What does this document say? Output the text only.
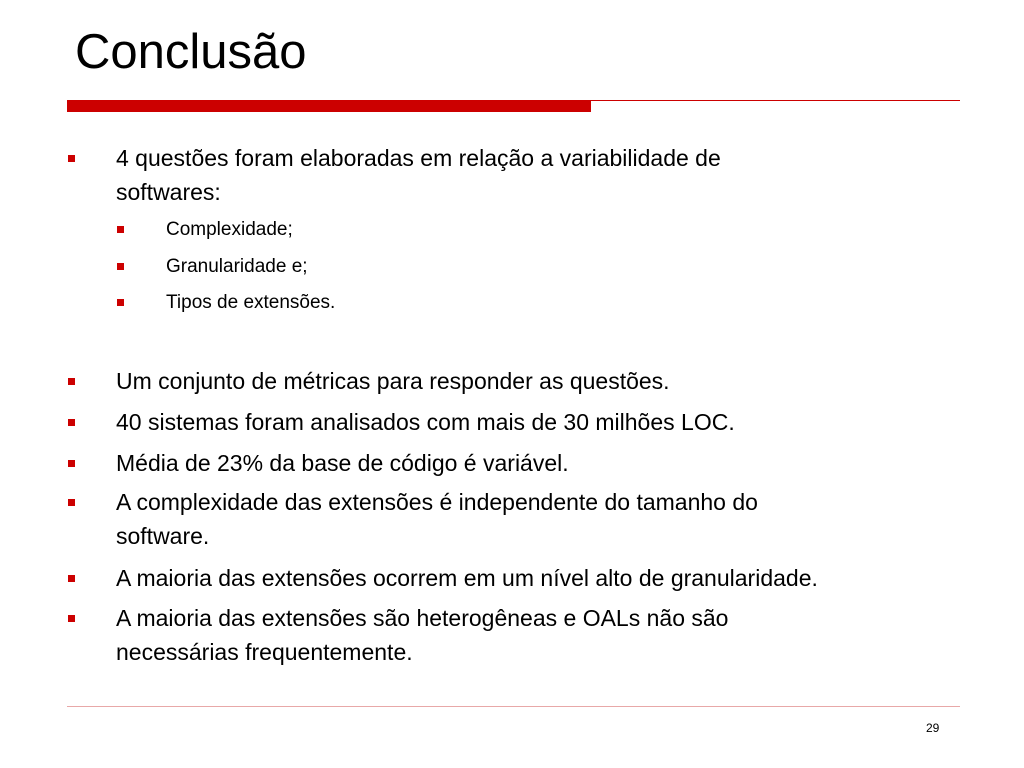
Conclusão
4 questões foram elaboradas em relação a variabilidade de
softwares:
Complexidade;
Granularidade e;
Tipos de extensões.
Um conjunto de métricas para responder as questões.
40 sistemas foram analisados com mais de 30 milhões LOC.
Média de 23% da base de código é variável.
A complexidade das extensões é independente do tamanho do
software.
A maioria das extensões ocorrem em um nível alto de granularidade.
A maioria das extensões são heterogêneas e OALs não são
necessárias frequentemente.
29
